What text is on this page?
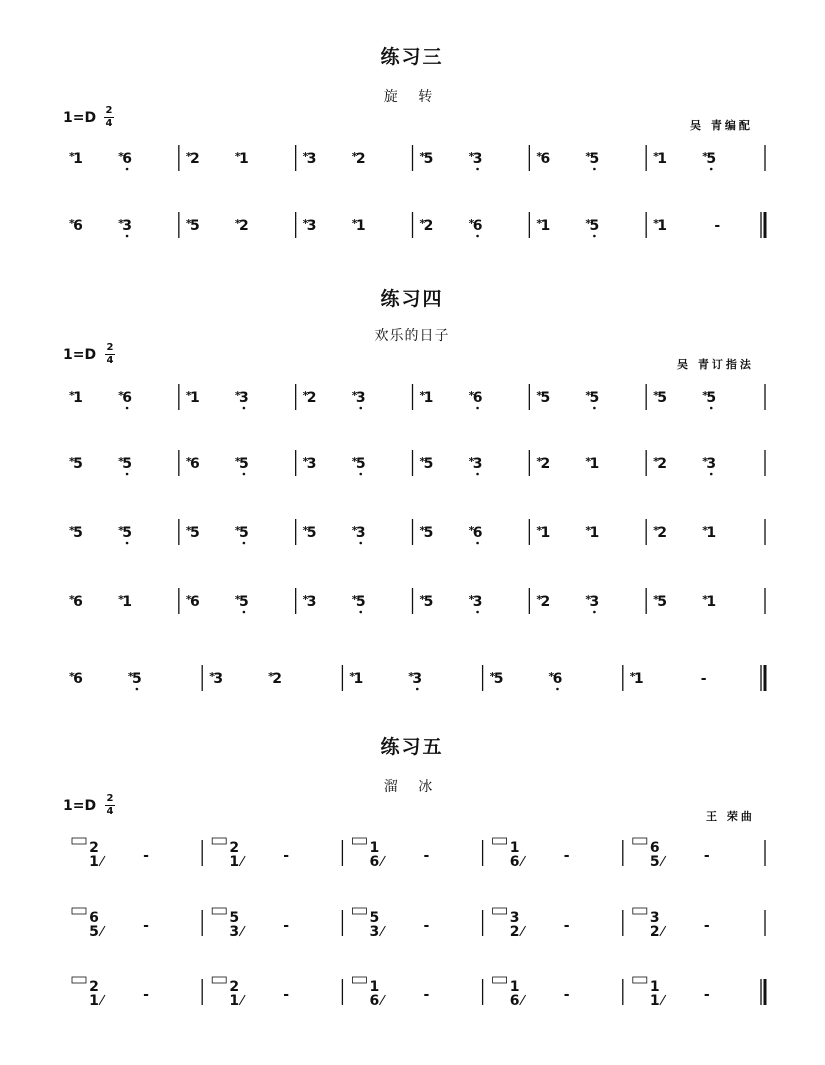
练习三
旋 转
1=D 2
4	吴 青编配
练习四
欢乐的日子
1=D 2
4	吴 青订指法
练习五
溜 冰
1=D 2
4	王 荣曲
*
1	*
6	*
2	*
1	*
3	*
2	*
5	*
3	*
6	*
5	*
1	*
5
*
6	*
3	*
5	*
2	*
3	*
1	*
2	*
6	*
1	*
5	*
1	-
*
1	*
6	*
1	*
3	*
2	*
3	*
1	*
6	*
5	*
5	*
5	*
5
*
5	*
5	*
6	*
5	*
3	*
5	*
5	*
3	*
2	*
1	*
2	*
3
*
5	*
5	*
5	*
5	*
5	*
3	*
5	*
6	*
1	*
1	*
2	*
1
*
6	*
1	*
6	*
5	*
3	*
5	*
5	*
3	*
2	*
3	*
5	*
1
*
6	*
5	*
3	*
2	*
1	*
3	*
5	*
6	*
1	-
2
1	-	2
1	-	1
6	-	1
6	-	6
5	-
6
5	-	5
3	-	5
3	-	3
2	-	3
2	-
2
1	-	2
1	-	1
6	-	1
6	-	1
1	-
